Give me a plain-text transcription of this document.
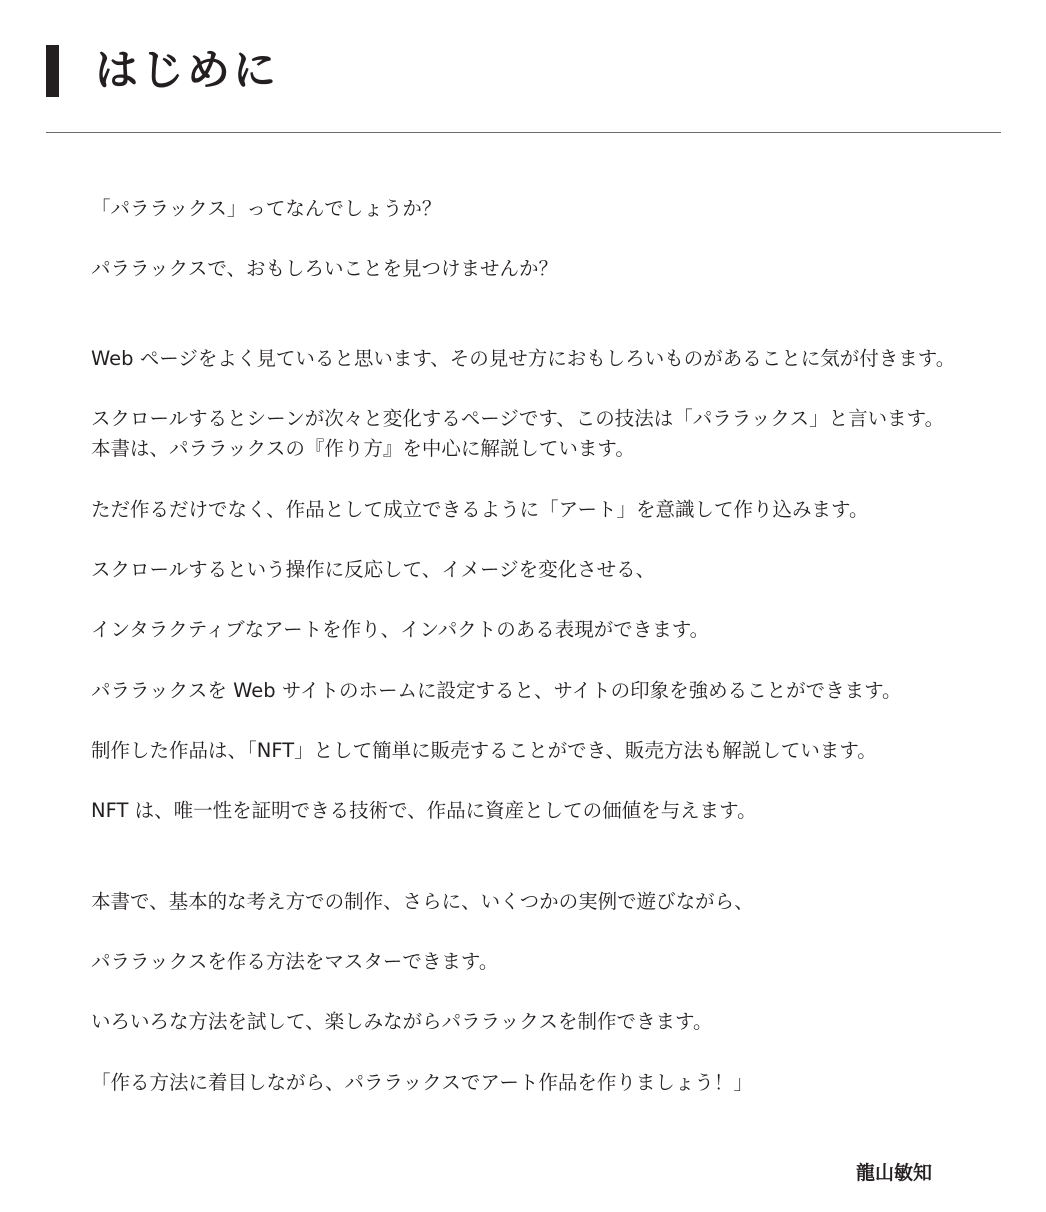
はじめに

「パララックス」ってなんでしょうか？

パララックスで、おもしろいことを見つけませんか？

Web ページをよく見ていると思います、その見せ方におもしろいものがあることに気が付きます。

スクロールするとシーンが次々と変化するページです、この技法は「パララックス」と言います。

本書は、パララックスの『作り方』を中心に解説しています。

ただ作るだけでなく、作品として成立できるように「アート」を意識して作り込みます。

スクロールするという操作に反応して、イメージを変化させる、

インタラクティブなアートを作り、インパクトのある表現ができます。

パララックスを Web サイトのホームに設定すると、サイトの印象を強めることができます。

制作した作品は、「NFT」として簡単に販売することができ、販売方法も解説しています。

NFT は、唯一性を証明できる技術で、作品に資産としての価値を与えます。

本書で、基本的な考え方での制作、さらに、いくつかの実例で遊びながら、

パララックスを作る方法をマスターできます。

いろいろな方法を試して、楽しみながらパララックスを制作できます。

「作る方法に着目しながら、パララックスでアート作品を作りましょう！」

龍山敏知
